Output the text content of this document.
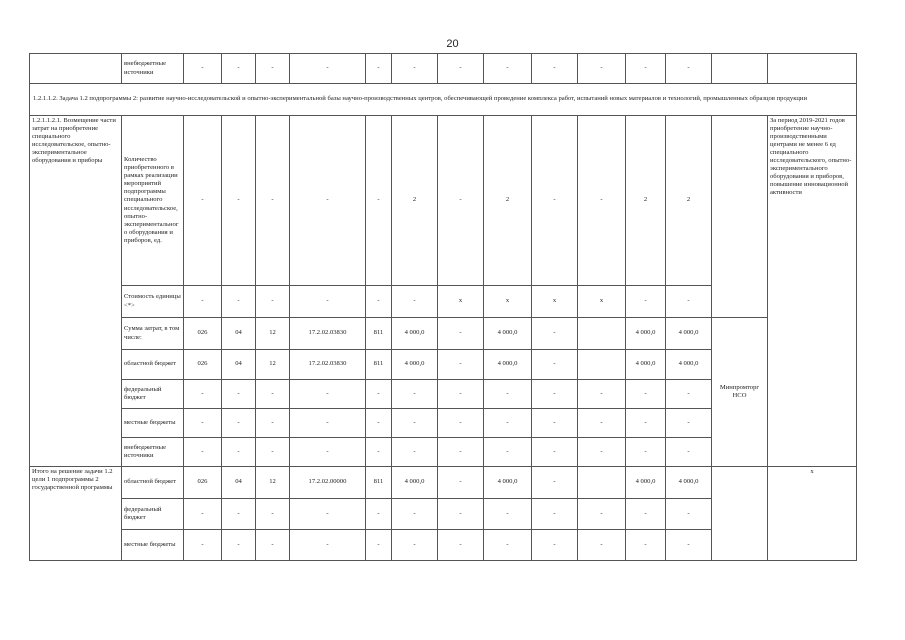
20
	внебюджетные источники	-	-	-	-	-	-	-	-	-	-	-	-		
1.2.1.1.2. Задача 1.2 подпрограммы 2: развитие научно-исследовательской и опытно-экспериментальной базы научно-производственных центров, обеспечивающей проведение комплекса работ, испытаний новых материалов и технологий, промышленных образцов продукции															
1.2.1.1.2.1. Возмещение части затрат на приобретение специального исследовательское, опытно-экспериментальное оборудования и приборы	Количество приобретенного в рамках реализации мероприятий подпрограммы специального исследовательское, опытно-экспериментального оборудования и приборов, ед.	-	-	-	-	-	2	-	2	-	-	2	2		За период 2019-2021 годов приобретение научно-производственными центрами не менее 6 ед специального исследовательского, опытно-экспериментального оборудования и приборов, повышение инновационной активности
	Стоимость единицы <*>	-	-	-	-	-	-	x	x	x	x	-	-		
	Сумма затрат, в том числе:	026	04	12	17.2.02.03830	811	4 000,0	-	4 000,0	-		4 000,0	4 000,0	Минпромторг НСО	
	областной бюджет	026	04	12	17.2.02.03830	811	4 000,0	-	4 000,0	-		4 000,0	4 000,0		
	федеральный бюджет	-	-	-	-	-	-	-	-	-	-	-	-		
	местные бюджеты	-	-	-	-	-	-	-	-	-	-	-	-		
	внебюджетные источники	-	-	-	-	-	-	-	-	-	-	-	-		
Итого на решение задачи 1.2 цели 1 подпрограммы 2 государственной программы	областной бюджет	026	04	12	17.2.02.00000	811	4 000,0	-	4 000,0	-		4 000,0	4 000,0		x
	федеральный бюджет	-	-	-	-	-	-	-	-	-	-	-	-		
	местные бюджеты	-	-	-	-	-	-	-	-	-	-	-	-		
